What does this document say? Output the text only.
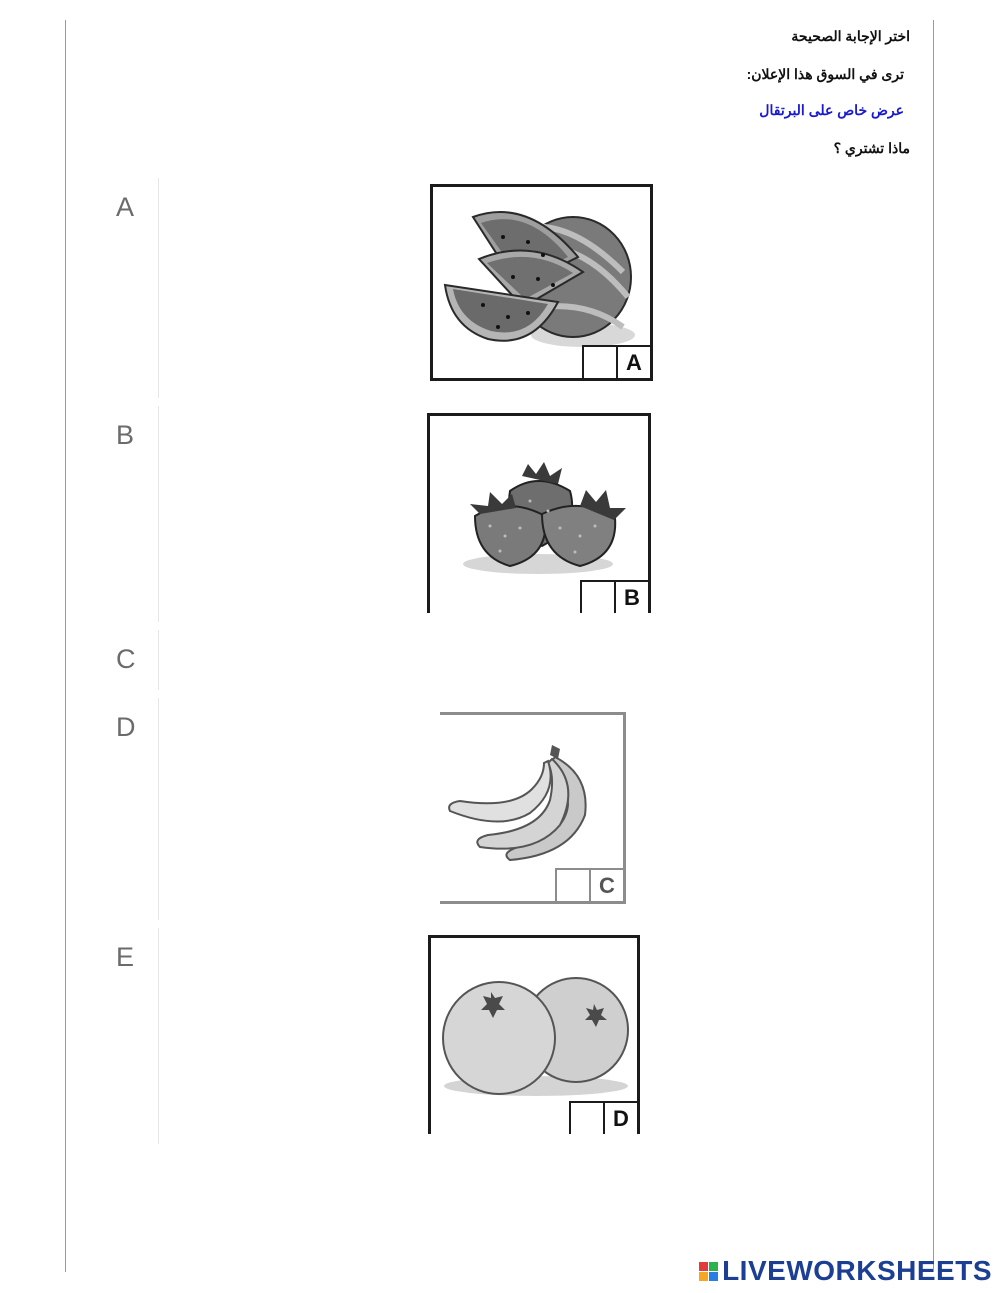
اختر الإجابة الصحيحة
ترى في السوق هذا الإعلان:
عرض خاص على البرتقال
ماذا تشتري ؟
A
A
B
B
C
D
C
E
D
LIVEWORKSHEETS
